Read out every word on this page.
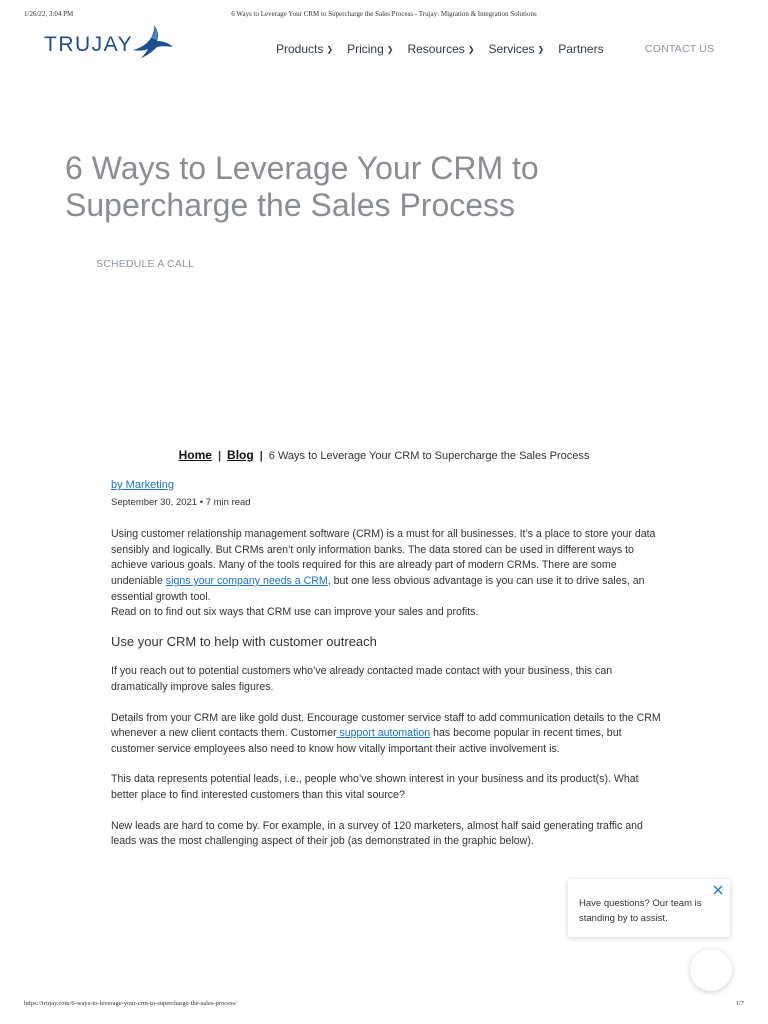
1/26/22, 3:04 PM	6 Ways to Leverage Your CRM to Supercharge the Sales Process - Trujay: Migration & Integration Solutions
TRUJAY	Products ❯ Pricing ❯ Resources ❯ Services ❯ Partners	CONTACT US
6 Ways to Leverage Your CRM to Supercharge the Sales Process
SCHEDULE A CALL
Home | Blog | 6 Ways to Leverage Your CRM to Supercharge the Sales Process
by Marketing
September 30, 2021 • 7 min read

Using customer relationship management software (CRM) is a must for all businesses. It’s a place to store your data sensibly and logically. But CRMs aren’t only information banks. The data stored can be used in different ways to achieve various goals. Many of the tools required for this are already part of modern CRMs. There are some undeniable signs your company needs a CRM, but one less obvious advantage is you can use it to drive sales, an essential growth tool.

Read on to find out six ways that CRM use can improve your sales and profits.

Use your CRM to help with customer outreach

If you reach out to potential customers who’ve already contacted made contact with your business, this can dramatically improve sales figures.

Details from your CRM are like gold dust. Encourage customer service staff to add communication details to the CRM whenever a new client contacts them. Customer support automation has become popular in recent times, but customer service employees also need to know how vitally important their active involvement is.

This data represents potential leads, i.e., people who’ve shown interest in your business and its product(s). What better place to find interested customers than this vital source?

New leads are hard to come by. For example, in a survey of 120 marketers, almost half said generating traffic and leads was the most challenging aspect of their job (as demonstrated in the graphic below).

Have questions? Our team is standing by to assist.
https://trujay.com/6-ways-to-leverage-your-crm-to-supercharge-the-sales-process/	1/7
